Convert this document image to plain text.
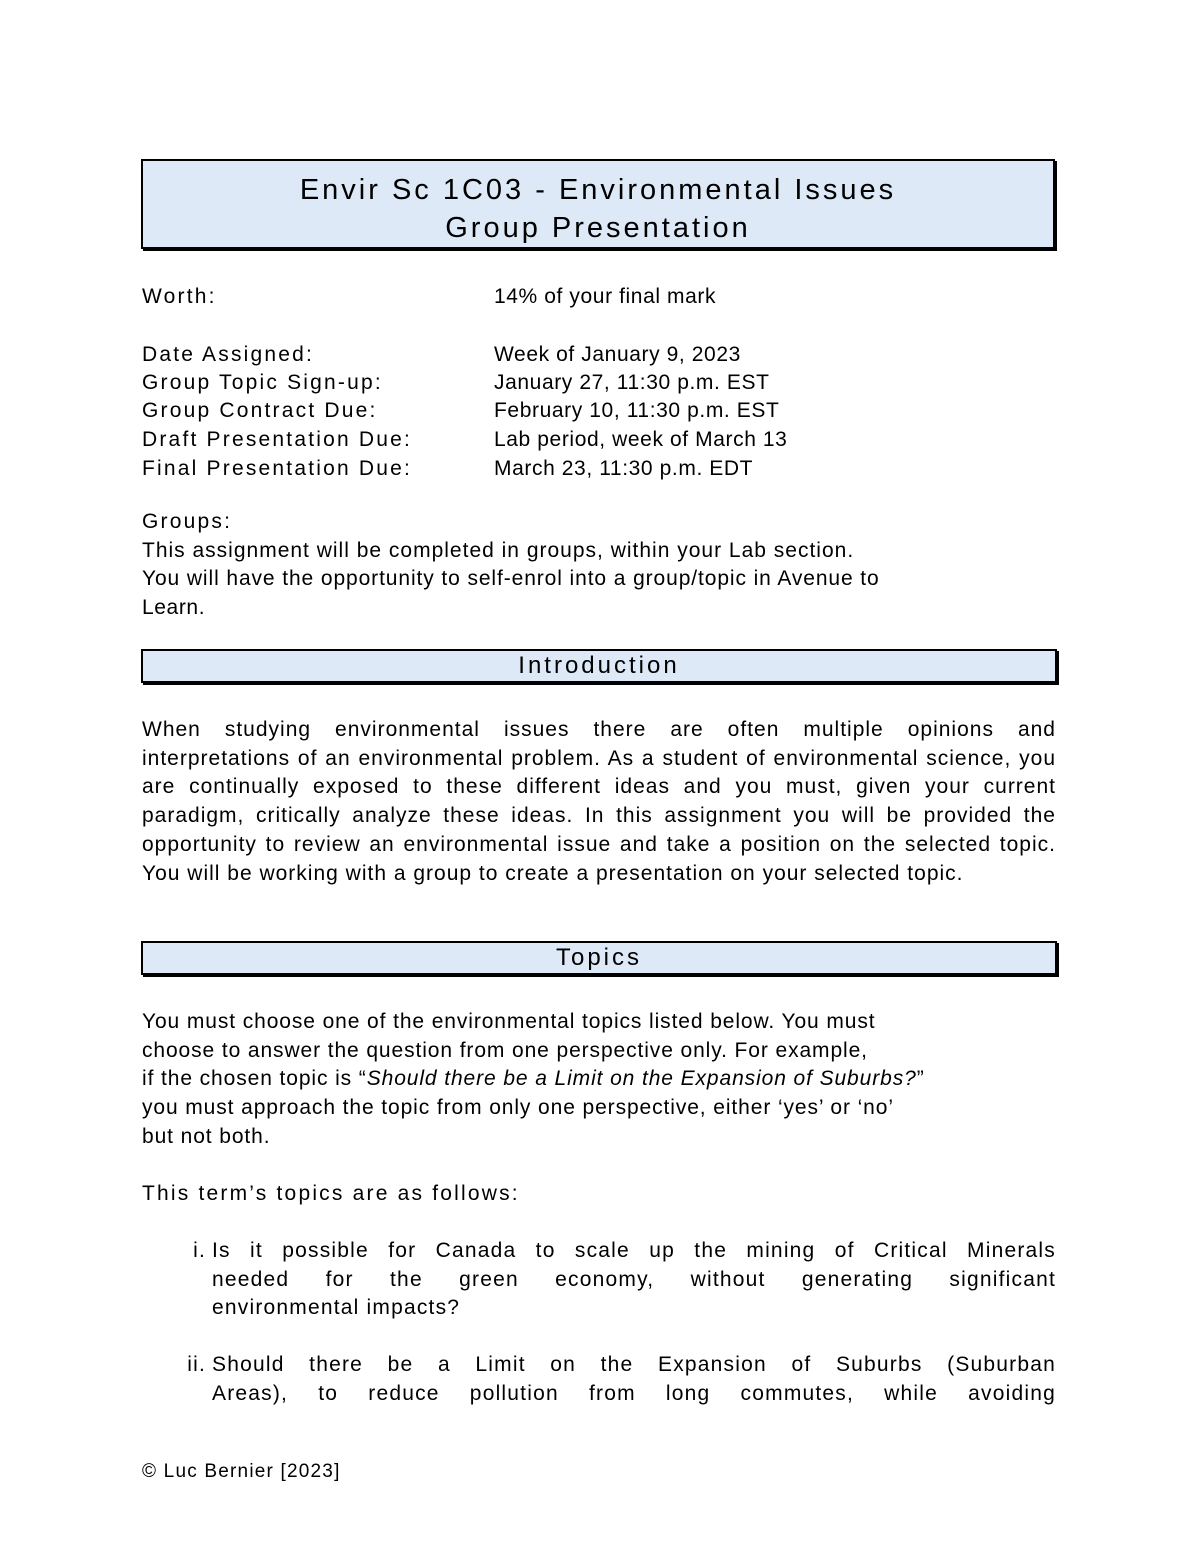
Envir Sc 1C03 - Environmental Issues
Group Presentation
Worth:	14% of your final mark
Date Assigned:	Week of January 9, 2023
Group Topic Sign-up:	January 27, 11:30 p.m. EST
Group Contract Due:	February 10, 11:30 p.m. EST
Draft Presentation Due:	Lab period, week of March 13
Final Presentation Due:	March 23, 11:30 p.m. EDT
Groups:
This assignment will be completed in groups, within your Lab section.
You will have the opportunity to self-enrol into a group/topic in Avenue to
Learn.
Introduction
When studying environmental issues there are often multiple opinions and interpretations of an environmental problem. As a student of environmental science, you are continually exposed to these different ideas and you must, given your current paradigm, critically analyze these ideas. In this assignment you will be provided the opportunity to review an environmental issue and take a position on the selected topic. You will be working with a group to create a presentation on your selected topic.
Topics
You must choose one of the environmental topics listed below. You must
choose to answer the question from one perspective only. For example,
if the chosen topic is “Should there be a Limit on the Expansion of Suburbs?”
you must approach the topic from only one perspective, either ‘yes’ or ‘no’
but not both.
This term’s topics are as follows:
i. Is it possible for Canada to scale up the mining of Critical Minerals
needed for the green economy, without generating significant
environmental impacts?
ii. Should there be a Limit on the Expansion of Suburbs (Suburban
Areas), to reduce pollution from long commutes, while avoiding
© Luc Bernier [2023]
